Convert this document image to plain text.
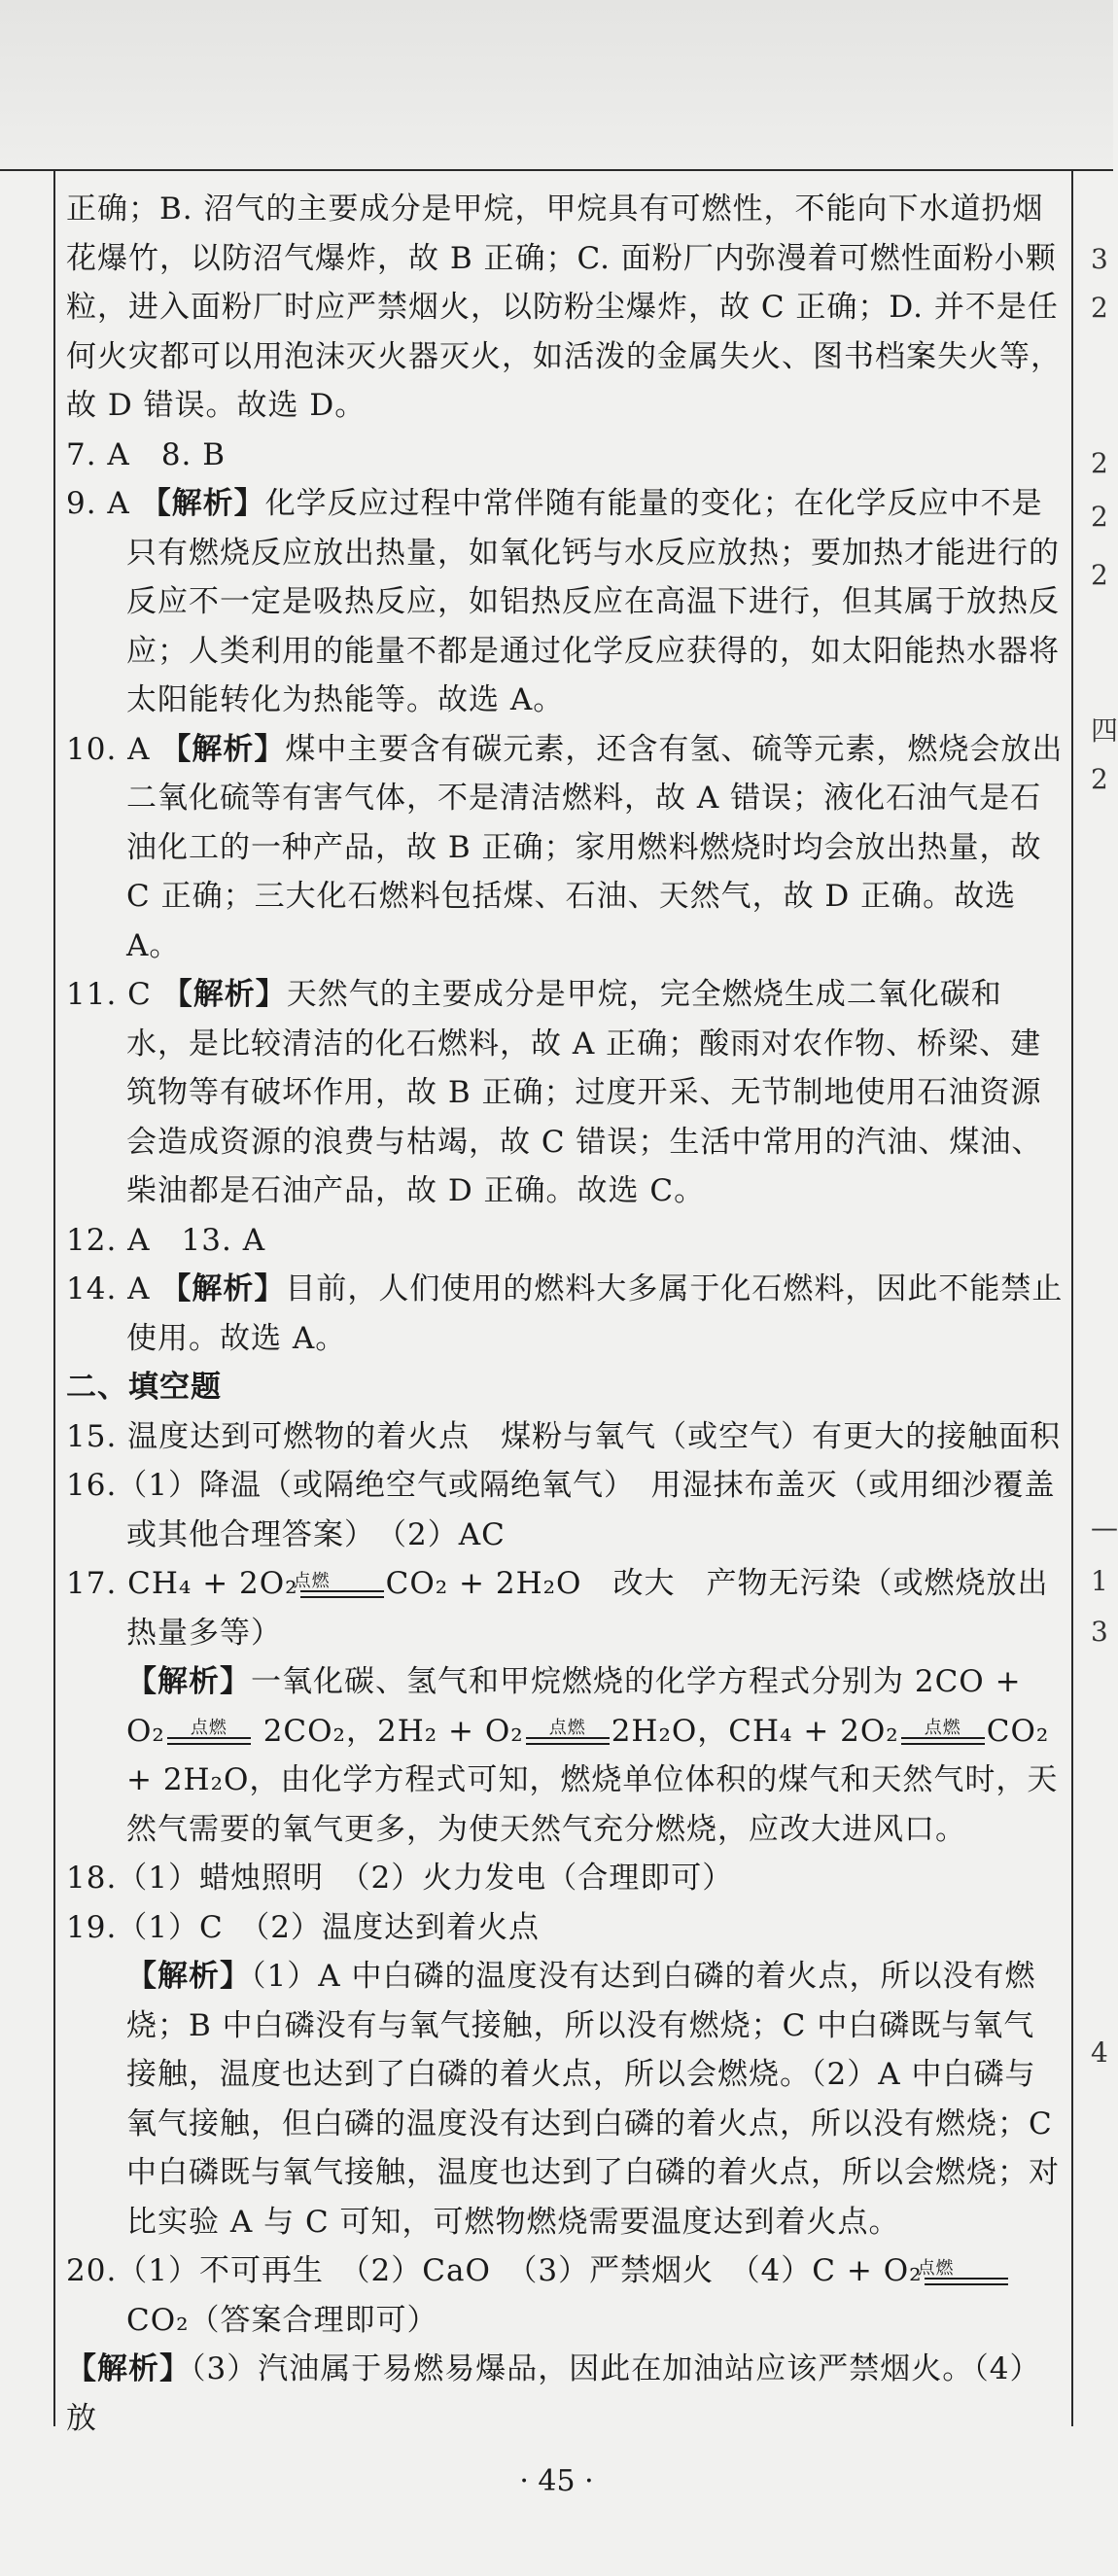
3
2
2
2
2
四
2
—
1
3
4

正确；B. 沼气的主要成分是甲烷，甲烷具有可燃性，不能向下水道扔烟花爆竹，以防沼气爆炸，故 B 正确；C. 面粉厂内弥漫着可燃性面粉小颗粒，进入面粉厂时应严禁烟火，以防粉尘爆炸，故 C 正确；D. 并不是任何火灾都可以用泡沫灭火器灭火，如活泼的金属失火、图书档案失火等，故 D 错误。故选 D。

7. A　8. B

9. A 【解析】化学反应过程中常伴随有能量的变化；在化学反应中不是只有燃烧反应放出热量，如氧化钙与水反应放热；要加热才能进行的反应不一定是吸热反应，如铝热反应在高温下进行，但其属于放热反应；人类利用的能量不都是通过化学反应获得的，如太阳能热水器将太阳能转化为热能等。故选 A。

10. A 【解析】煤中主要含有碳元素，还含有氢、硫等元素，燃烧会放出二氧化硫等有害气体，不是清洁燃料，故 A 错误；液化石油气是石油化工的一种产品，故 B 正确；家用燃料燃烧时均会放出热量，故 C 正确；三大化石燃料包括煤、石油、天然气，故 D 正确。故选 A。

11. C 【解析】天然气的主要成分是甲烷，完全燃烧生成二氧化碳和水，是比较清洁的化石燃料，故 A 正确；酸雨对农作物、桥梁、建筑物等有破坏作用，故 B 正确；过度开采、无节制地使用石油资源会造成资源的浪费与枯竭，故 C 错误；生活中常用的汽油、煤油、柴油都是石油产品，故 D 正确。故选 C。

12. A　13. A

14. A 【解析】目前，人们使用的燃料大多属于化石燃料，因此不能禁止使用。故选 A。

二、填空题

15. 温度达到可燃物的着火点　煤粉与氧气（或空气）有更大的接触面积

16.（1）降温（或隔绝空气或隔绝氧气）　用湿抹布盖灭（或用细沙覆盖或其他合理答案）　（2）AC

17. CH₄ + 2O₂
点燃	CO₂ + 2H₂O　改大　产物无污染（或燃烧放出热量多等）

【解析】一氧化碳、氢气和甲烷燃烧的化学方程式分别为 2CO + O₂	点燃	2CO₂，2H₂ + O₂	点燃 2H₂O，CH₄ + 2O₂	点燃 CO₂ + 2H₂O，由化学方程式可知，燃烧单位体积的煤气和天然气时，天然气需要的氧气更多，为使天然气充分燃烧，应改大进风口。

18.（1）蜡烛照明　（2）火力发电（合理即可）

19.（1）C　（2）温度达到着火点

【解析】（1）A 中白磷的温度没有达到白磷的着火点，所以没有燃烧；B 中白磷没有与氧气接触，所以没有燃烧；C 中白磷既与氧气接触，温度也达到了白磷的着火点，所以会燃烧。（2）A 中白磷与氧气接触，但白磷的温度没有达到白磷的着火点，所以没有燃烧；C 中白磷既与氧气接触，温度也达到了白磷的着火点，所以会燃烧；对比实验 A 与 C 可知，可燃物燃烧需要温度达到着火点。

20.（1）不可再生　（2）CaO　（3）严禁烟火　（4）C + O₂
点燃
CO₂（答案合理即可）

【解析】（3）汽油属于易燃易爆品，因此在加油站应该严禁烟火。（4）放

· 45 ·
